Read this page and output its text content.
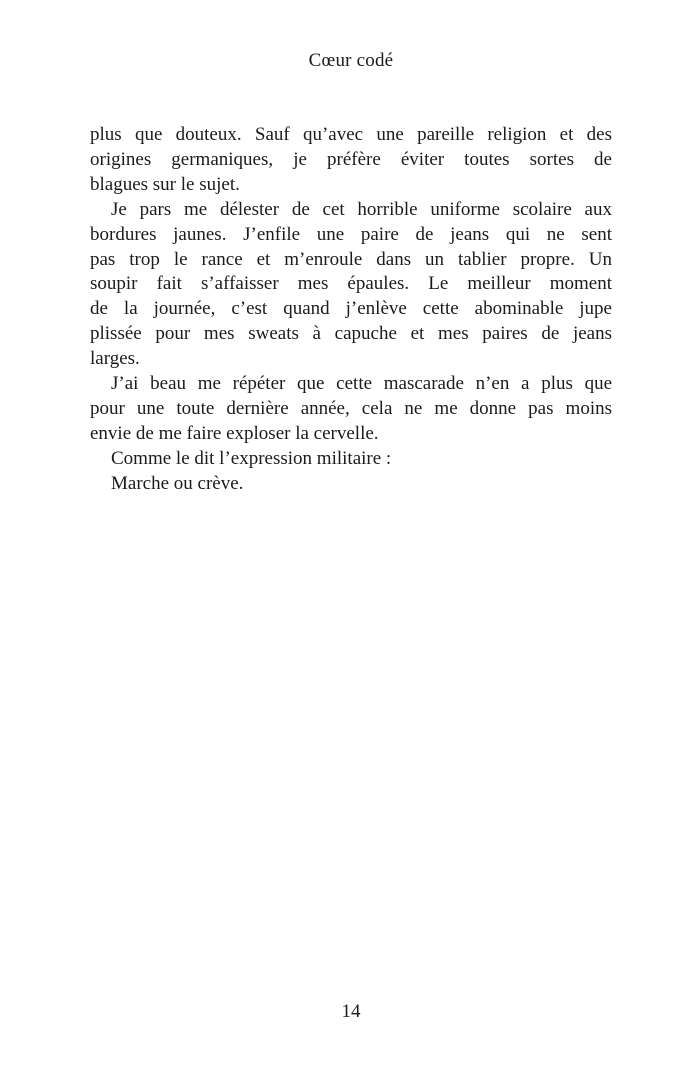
Cœur codé
plus que douteux. Sauf qu’avec une pareille religion et des
origines germaniques, je préfère éviter toutes sortes de
blagues sur le sujet.
Je pars me délester de cet horrible uniforme scolaire aux
bordures jaunes. J’enfile une paire de jeans qui ne sent
pas trop le rance et m’enroule dans un tablier propre. Un
soupir fait s’affaisser mes épaules. Le meilleur moment
de la journée, c’est quand j’enlève cette abominable jupe
plissée pour mes sweats à capuche et mes paires de jeans
larges.
J’ai beau me répéter que cette mascarade n’en a plus que
pour une toute dernière année, cela ne me donne pas moins
envie de me faire exploser la cervelle.
Comme le dit l’expression militaire :
Marche ou crève.
14
